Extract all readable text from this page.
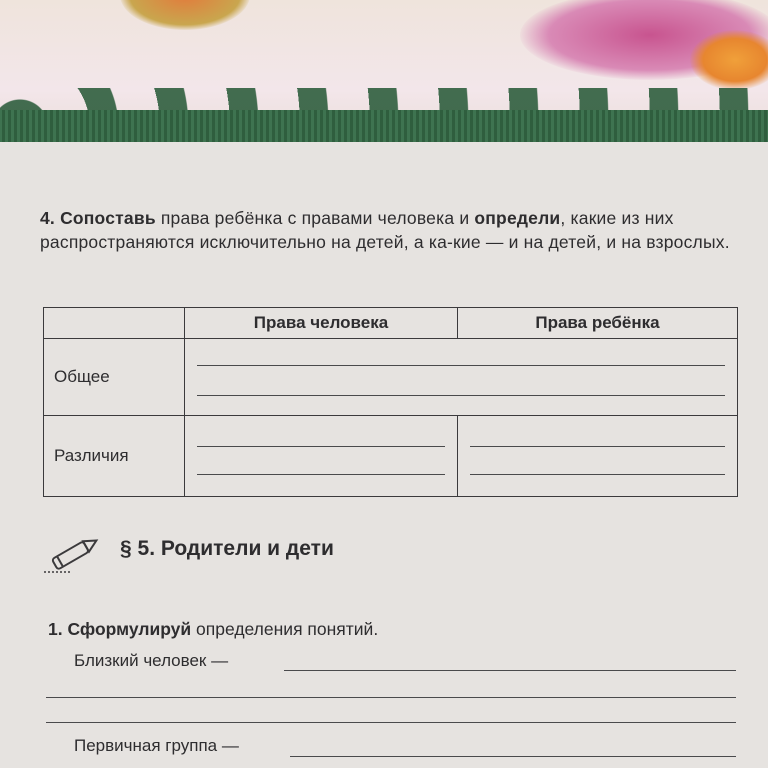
4. Сопоставь права ребёнка с правами человека и определи, какие из них распространяются исключительно на детей, а ка-кие — и на детей, и на взрослых.
	Права человека	Права ребёнка
Общее		

Различия	

§ 5. Родители и дети
1. Сформулируй определения понятий.
Близкий человек —
Первичная группа —
